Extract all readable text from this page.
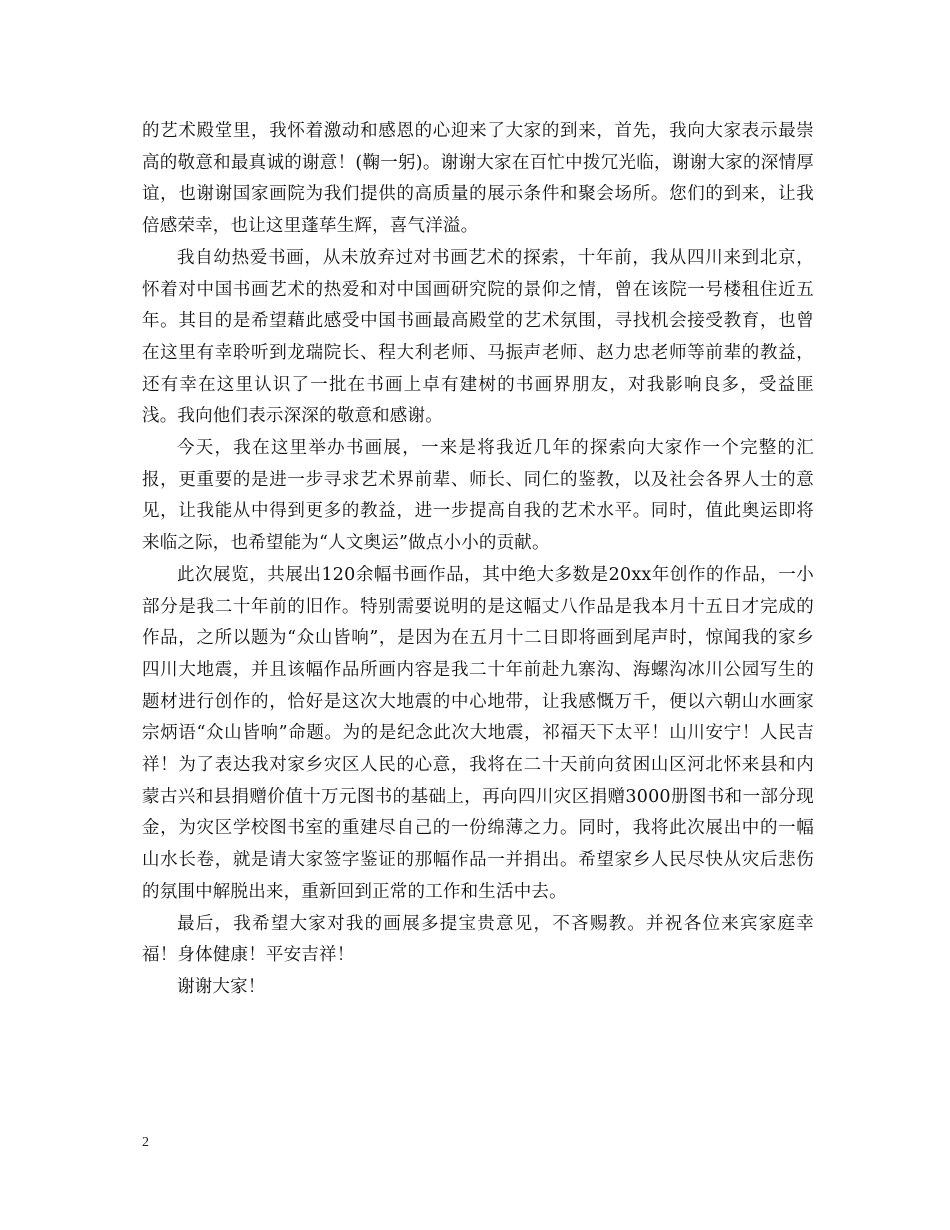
的艺术殿堂里，我怀着激动和感恩的心迎来了大家的到来，首先，我向大家表示最崇高的敬意和最真诚的谢意！(鞠一躬)。谢谢大家在百忙中拨冗光临，谢谢大家的深情厚谊，也谢谢国家画院为我们提供的高质量的展示条件和聚会场所。您们的到来，让我倍感荣幸，也让这里蓬荜生辉，喜气洋溢。

我自幼热爱书画，从未放弃过对书画艺术的探索，十年前，我从四川来到北京，怀着对中国书画艺术的热爱和对中国画研究院的景仰之情，曾在该院一号楼租住近五年。其目的是希望藉此感受中国书画最高殿堂的艺术氛围，寻找机会接受教育，也曾在这里有幸聆听到龙瑞院长、程大利老师、马振声老师、赵力忠老师等前辈的教益，还有幸在这里认识了一批在书画上卓有建树的书画界朋友，对我影响良多，受益匪浅。我向他们表示深深的敬意和感谢。

今天，我在这里举办书画展，一来是将我近几年的探索向大家作一个完整的汇报，更重要的是进一步寻求艺术界前辈、师长、同仁的鉴教，以及社会各界人士的意见，让我能从中得到更多的教益，进一步提高自我的艺术水平。同时，值此奥运即将来临之际，也希望能为“人文奥运”做点小小的贡献。

此次展览，共展出120余幅书画作品，其中绝大多数是20xx年创作的作品，一小部分是我二十年前的旧作。特别需要说明的是这幅丈八作品是我本月十五日才完成的作品，之所以题为“众山皆响”，是因为在五月十二日即将画到尾声时，惊闻我的家乡四川大地震，并且该幅作品所画内容是我二十年前赴九寨沟、海螺沟冰川公园写生的题材进行创作的，恰好是这次大地震的中心地带，让我感慨万千，便以六朝山水画家宗炳语“众山皆响”命题。为的是纪念此次大地震，祁福天下太平！山川安宁！人民吉祥！为了表达我对家乡灾区人民的心意，我将在二十天前向贫困山区河北怀来县和内蒙古兴和县捐赠价值十万元图书的基础上，再向四川灾区捐赠3000册图书和一部分现金，为灾区学校图书室的重建尽自己的一份绵薄之力。同时，我将此次展出中的一幅山水长卷，就是请大家签字鉴证的那幅作品一并捐出。希望家乡人民尽快从灾后悲伤的氛围中解脱出来，重新回到正常的工作和生活中去。

最后，我希望大家对我的画展多提宝贵意见，不吝赐教。并祝各位来宾家庭幸福！身体健康！平安吉祥！

谢谢大家！

2
